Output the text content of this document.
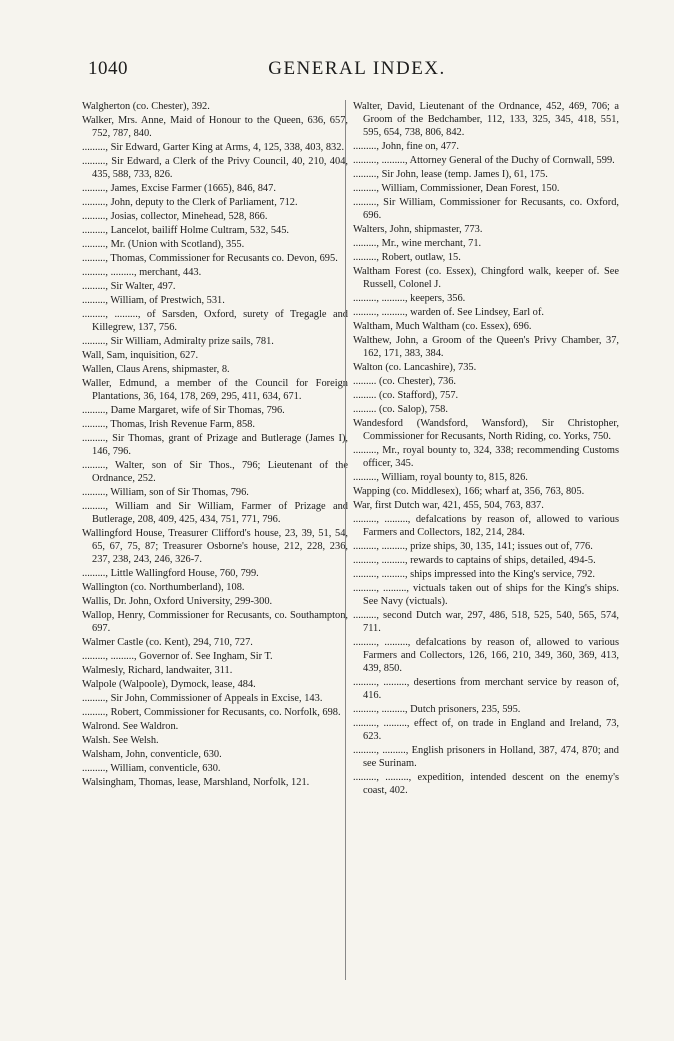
1040	GENERAL INDEX.

Walgherton (co. Chester), 392.

Walker, Mrs. Anne, Maid of Honour to the Queen, 636, 657, 752, 787, 840.

........., Sir Edward, Garter King at Arms, 4, 125, 338, 403, 832.

........., Sir Edward, a Clerk of the Privy Council, 40, 210, 404, 435, 588, 733, 826.

........., James, Excise Farmer (1665), 846, 847.

........., John, deputy to the Clerk of Parliament, 712.

........., Josias, collector, Minehead, 528, 866.

........., Lancelot, bailiff Holme Cultram, 532, 545.

........., Mr. (Union with Scotland), 355.

........., Thomas, Commissioner for Recusants co. Devon, 695.

........., ........., merchant, 443.

........., Sir Walter, 497.

........., William, of Prestwich, 531.

........., ........., of Sarsden, Oxford, surety of Tregagle and Killegrew, 137, 756.

........., Sir William, Admiralty prize sails, 781.

Wall, Sam, inquisition, 627.

Wallen, Claus Arens, shipmaster, 8.

Waller, Edmund, a member of the Council for Foreign Plantations, 36, 164, 178, 269, 295, 411, 634, 671.

........., Dame Margaret, wife of Sir Thomas, 796.

........., Thomas, Irish Revenue Farm, 858.

........., Sir Thomas, grant of Prizage and Butlerage (James I), 146, 796.

........., Walter, son of Sir Thos., 796; Lieutenant of the Ordnance, 252.

........., William, son of Sir Thomas, 796.

........., William and Sir William, Farmer of Prizage and Butlerage, 208, 409, 425, 434, 751, 771, 796.

Wallingford House, Treasurer Clifford's house, 23, 39, 51, 54, 65, 67, 75, 87; Treasurer Osborne's house, 212, 228, 236, 237, 238, 243, 246, 326-7.

........., Little Wallingford House, 760, 799.

Wallington (co. Northumberland), 108.

Wallis, Dr. John, Oxford University, 299-300.

Wallop, Henry, Commissioner for Recusants, co. Southampton, 697.

Walmer Castle (co. Kent), 294, 710, 727.

........., ........., Governor of. See Ingham, Sir T.

Walmesly, Richard, landwaiter, 311.

Walpole (Walpoole), Dymock, lease, 484.

........., Sir John, Commissioner of Appeals in Excise, 143.

........., Robert, Commissioner for Recusants, co. Norfolk, 698.

Walrond. See Waldron.

Walsh. See Welsh.

Walsham, John, conventicle, 630.

........., William, conventicle, 630.

Walsingham, Thomas, lease, Marshland, Norfolk, 121.

Walter, David, Lieutenant of the Ordnance, 452, 469, 706; a Groom of the Bedchamber, 112, 133, 325, 345, 418, 551, 595, 654, 738, 806, 842.

........., John, fine on, 477.

........., ........., Attorney General of the Duchy of Cornwall, 599.

........., Sir John, lease (temp. James I), 61, 175.

........., William, Commissioner, Dean Forest, 150.

........., Sir William, Commissioner for Recusants, co. Oxford, 696.

Walters, John, shipmaster, 773.

........., Mr., wine merchant, 71.

........., Robert, outlaw, 15.

Waltham Forest (co. Essex), Chingford walk, keeper of. See Russell, Colonel J.

........., ........., keepers, 356.

........., ........., warden of. See Lindsey, Earl of.

Waltham, Much Waltham (co. Essex), 696.

Walthew, John, a Groom of the Queen's Privy Chamber, 37, 162, 171, 383, 384.

Walton (co. Lancashire), 735.

......... (co. Chester), 736.

......... (co. Stafford), 757.

......... (co. Salop), 758.

Wandesford (Wandsford, Wansford), Sir Christopher, Commissioner for Recusants, North Riding, co. Yorks, 750.

........., Mr., royal bounty to, 324, 338; recommending Customs officer, 345.

........., William, royal bounty to, 815, 826.

Wapping (co. Middlesex), 166; wharf at, 356, 763, 805.

War, first Dutch war, 421, 455, 504, 763, 837.

........., ........., defalcations by reason of, allowed to various Farmers and Collectors, 182, 214, 284.

........., ........., prize ships, 30, 135, 141; issues out of, 776.

........., ........., rewards to captains of ships, detailed, 494-5.

........., ........., ships impressed into the King's service, 792.

........., ........., victuals taken out of ships for the King's ships. See Navy (victuals).

........., second Dutch war, 297, 486, 518, 525, 540, 565, 574, 711.

........., ........., defalcations by reason of, allowed to various Farmers and Collectors, 126, 166, 210, 349, 360, 369, 413, 439, 850.

........., ........., desertions from merchant service by reason of, 416.

........., ........., Dutch prisoners, 235, 595.

........., ........., effect of, on trade in England and Ireland, 73, 623.

........., ........., English prisoners in Holland, 387, 474, 870; and see Surinam.

........., ........., expedition, intended descent on the enemy's coast, 402.
